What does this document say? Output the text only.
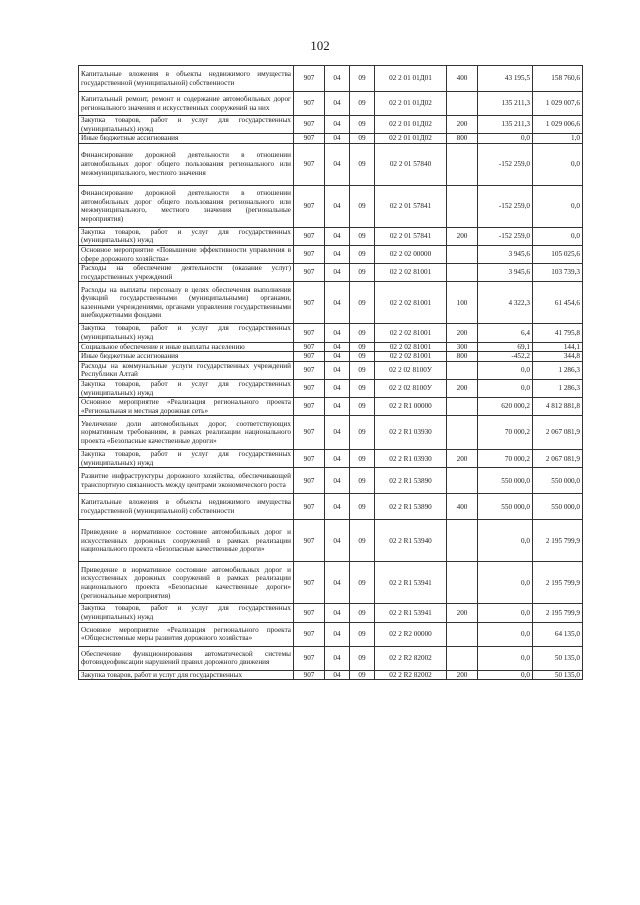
102
Капитальные вложения в объекты недвижимого имущества государственной (муниципальной) собственности	907	04	09	02 2 01 01Д01	400	43 195,5	158 760,6
Капитальный ремонт, ремонт и содержание автомобильных дорог регионального значения и искусственных сооружений на них	907	04	09	02 2 01 01Д02		135 211,3	1 029 007,6
Закупка товаров, работ и услуг для государственных (муниципальных) нужд	907	04	09	02 2 01 01Д02	200	135 211,3	1 029 006,6
Иные бюджетные ассигнования	907	04	09	02 2 01 01Д02	800	0,0	1,0
Финансирование дорожной деятельности в отношении автомобильных дорог общего пользования регионального или межмуниципального, местного значения	907	04	09	02 2 01 57840		-152 259,0	0,0
Финансирование дорожной деятельности в отношении автомобильных дорог общего пользования регионального или межмуниципального, местного значения (региональные мероприятия)	907	04	09	02 2 01 57841		-152 259,0	0,0
Закупка товаров, работ и услуг для государственных (муниципальных) нужд	907	04	09	02 2 01 57841	200	-152 259,0	0,0
Основное мероприятие «Повышение эффективности управления в сфере дорожного хозяйства»	907	04	09	02 2 02 00000		3 945,6	105 025,6
Расходы на обеспечение деятельности (оказание услуг) государственных учреждений	907	04	09	02 2 02 81001		3 945,6	103 739,3
Расходы на выплаты персоналу в целях обеспечения выполнения функций государственными (муниципальными) органами, казенными учреждениями, органами управления государственными внебюджетными фондами	907	04	09	02 2 02 81001	100	4 322,3	61 454,6
Закупка товаров, работ и услуг для государственных (муниципальных) нужд	907	04	09	02 2 02 81001	200	6,4	41 795,8
Социальное обеспечение и иные выплаты населению	907	04	09	02 2 02 81001	300	69,1	144,1
Иные бюджетные ассигнования	907	04	09	02 2 02 81001	800	-452,2	344,8
Расходы на коммунальные услуги государственных учреждений Республики Алтай	907	04	09	02 2 02 8100У		0,0	1 286,3
Закупка товаров, работ и услуг для государственных (муниципальных) нужд	907	04	09	02 2 02 8100У	200	0,0	1 286,3
Основное мероприятие «Реализация регионального проекта «Региональная и местная дорожная сеть»	907	04	09	02 2 R1 00000		620 000,2	4 812 881,8
Увеличение доли автомобильных дорог, соответствующих нормативным требованиям, в рамках реализации национального проекта «Безопасные качественные дороги»	907	04	09	02 2 R1 03930		70 000,2	2 067 081,9
Закупка товаров, работ и услуг для государственных (муниципальных) нужд	907	04	09	02 2 R1 03930	200	70 000,2	2 067 081,9
Развитие инфраструктуры дорожного хозяйства, обеспечивающей транспортную связанность между центрами экономического роста	907	04	09	02 2 R1 53890		550 000,0	550 000,0
Капитальные вложения в объекты недвижимого имущества государственной (муниципальной) собственности	907	04	09	02 2 R1 53890	400	550 000,0	550 000,0
Приведение в нормативное состояние автомобильных дорог и искусственных дорожных сооружений в рамках реализации национального проекта «Безопасные качественные дороги»	907	04	09	02 2 R1 53940		0,0	2 195 799,9
Приведение в нормативное состояние автомобильных дорог и искусственных дорожных сооружений в рамках реализации национального проекта «Безопасные качественные дороги» (региональные мероприятия)	907	04	09	02 2 R1 53941		0,0	2 195 799,9
Закупка товаров, работ и услуг для государственных (муниципальных) нужд	907	04	09	02 2 R1 53941	200	0,0	2 195 799,9
Основное мероприятие «Реализация регионального проекта «Общесистемные меры развития дорожного хозяйства»	907	04	09	02 2 R2 00000		0,0	64 135,0
Обеспечение функционирования автоматической системы фотовидеофиксации нарушений правил дорожного движения	907	04	09	02 2 R2 82002		0,0	50 135,0
Закупка товаров, работ и услуг для государственных	907	04	09	02 2 R2 82002	200	0,0	50 135,0
